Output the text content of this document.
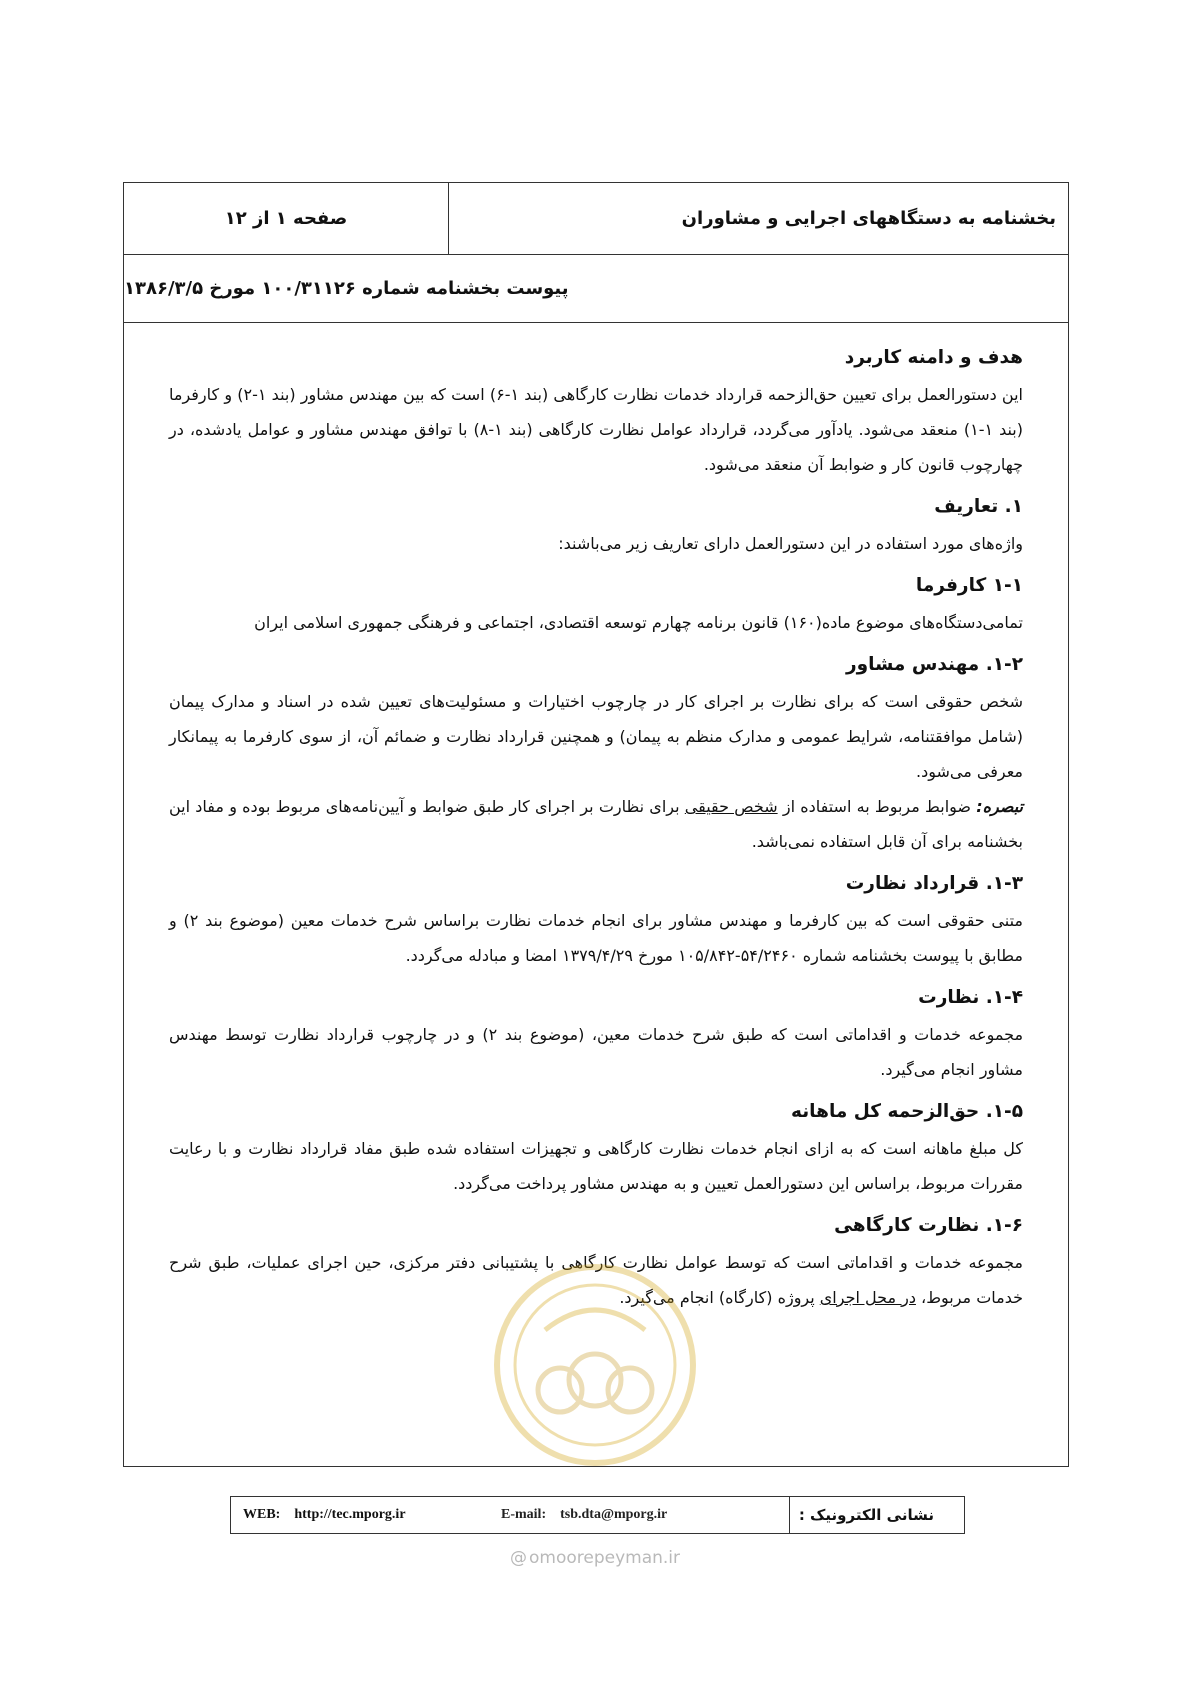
صفحه ۱ از ۱۲	بخشنامه به دستگاههای اجرایی و مشاوران
پیوست بخشنامه شماره ۱۰۰/۳۱۱۲۶ مورخ ۱۳۸۶/۳/۵
هدف و دامنه کاربرد

این دستورالعمل برای تعیین حق‌الزحمه قرارداد خدمات نظارت کارگاهی (بند ۱-۶) است که بین مهندس مشاور (بند ۱-۲) و کارفرما (بند ۱-۱) منعقد می‌شود. یادآور می‌گردد، قرارداد عوامل نظارت کارگاهی (بند ۱-۸) با توافق مهندس مشاور و عوامل یادشده، در چهارچوب قانون کار و ضوابط آن منعقد می‌شود.

۱. تعاریف

واژه‌های مورد استفاده در این دستورالعمل دارای تعاریف زیر می‌باشند:

۱-۱ کارفرما

تمامی‌دستگاه‌های موضوع ماده(۱۶۰) قانون برنامه چهارم توسعه اقتصادی، اجتماعی و فرهنگی جمهوری اسلامی ایران

۱-۲. مهندس مشاور

شخص حقوقی است که برای نظارت بر اجرای کار در چارچوب اختیارات و مسئولیت‌های تعیین شده در اسناد و مدارک پیمان (شامل موافقتنامه، شرایط عمومی و مدارک منظم به پیمان) و همچنین قرارداد نظارت و ضمائم آن، از سوی کارفرما به پیمانکار معرفی می‌شود.

تبصره: ضوابط مربوط به استفاده از شخص حقیقی برای نظارت بر اجرای کار طبق ضوابط و آیین‌نامه‌های مربوط بوده و مفاد این بخشنامه برای آن قابل استفاده نمی‌باشد.

۱-۳. قرارداد نظارت

متنی حقوقی است که بین کارفرما و مهندس مشاور برای انجام خدمات نظارت براساس شرح خدمات معین (موضوع بند ۲) و مطابق با پیوست بخشنامه شماره ۵۴/۲۴۶۰-۱۰۵/۸۴۲ مورخ ۱۳۷۹/۴/۲۹ امضا و مبادله می‌گردد.

۱-۴. نظارت

مجموعه خدمات و اقداماتی است که طبق شرح خدمات معین، (موضوع بند ۲) و در چارچوب قرارداد نظارت توسط مهندس مشاور انجام می‌گیرد.

۱-۵. حق‌الزحمه کل ماهانه

کل مبلغ ماهانه است که به ازای انجام خدمات نظارت کارگاهی و تجهیزات استفاده شده طبق مفاد قرارداد نظارت و با رعایت مقررات مربوط، براساس این دستورالعمل تعیین و به مهندس مشاور پرداخت می‌گردد.

۱-۶. نظارت کارگاهی

مجموعه خدمات و اقداماتی است که توسط عوامل نظارت کارگاهی با پشتیبانی دفتر مرکزی، حین اجرای عملیات، طبق شرح خدمات مربوط، در محل اجرای پروژه (کارگاه) انجام می‌گیرد.

نشانی الکترونیک :
WEB: http://tec.mporg.ir	E-mail: tsb.dta@mporg.ir
@ omoorepeyman.ir
